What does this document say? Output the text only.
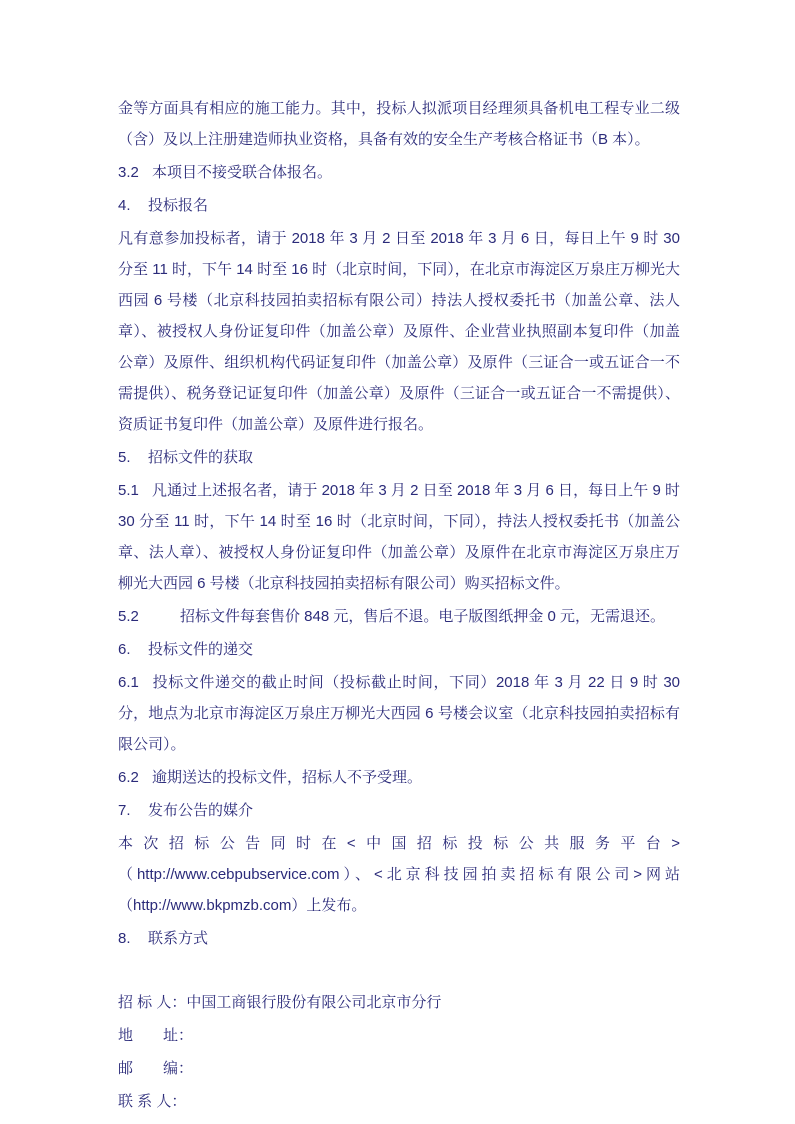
金等方面具有相应的施工能力。其中，投标人拟派项目经理须具备机电工程专业二级（含）及以上注册建造师执业资格，具备有效的安全生产考核合格证书（B 本）。

3.2 本项目不接受联合体报名。

4. 投标报名

凡有意参加投标者，请于 2018 年 3 月 2 日至 2018 年 3 月 6 日，每日上午 9 时 30 分至 11 时，下午 14 时至 16 时（北京时间，下同），在北京市海淀区万泉庄万柳光大西园 6 号楼（北京科技园拍卖招标有限公司）持法人授权委托书（加盖公章、法人章）、被授权人身份证复印件（加盖公章）及原件、企业营业执照副本复印件（加盖公章）及原件、组织机构代码证复印件（加盖公章）及原件（三证合一或五证合一不需提供）、税务登记证复印件（加盖公章）及原件（三证合一或五证合一不需提供）、资质证书复印件（加盖公章）及原件进行报名。

5. 招标文件的获取

5.1 凡通过上述报名者，请于 2018 年 3 月 2 日至 2018 年 3 月 6 日，每日上午 9 时 30 分至 11 时，下午 14 时至 16 时（北京时间，下同），持法人授权委托书（加盖公章、法人章）、被授权人身份证复印件（加盖公章）及原件在北京市海淀区万泉庄万柳光大西园 6 号楼（北京科技园拍卖招标有限公司）购买招标文件。

5.2	招标文件每套售价 848 元，售后不退。电子版图纸押金 0 元，无需退还。

6. 投标文件的递交

6.1 投标文件递交的截止时间（投标截止时间，下同）2018 年 3 月 22 日 9 时 30 分，地点为北京市海淀区万泉庄万柳光大西园 6 号楼会议室（北京科技园拍卖招标有限公司）。

6.2 逾期送达的投标文件，招标人不予受理。

7. 发布公告的媒介

本次招标公告同时在<中国招标投标公共服务平台>（http://www.cebpubservice.com）、<北京科技园拍卖招标有限公司>网站（http://www.bkpmzb.com）上发布。

8. 联系方式

招 标 人：中国工商银行股份有限公司北京市分行

地　　址：

邮　　编：

联 系 人：
